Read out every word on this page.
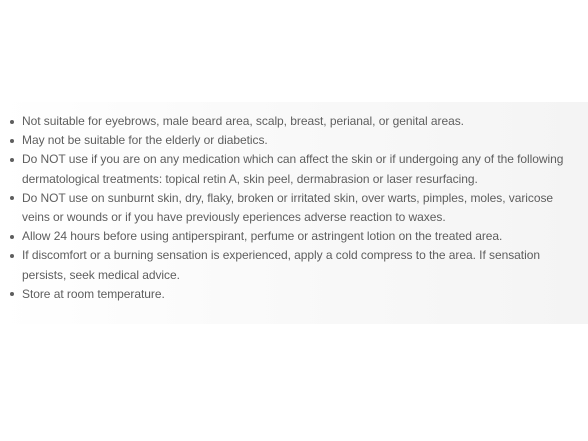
Not suitable for eyebrows, male beard area, scalp, breast, perianal, or genital areas.
May not be suitable for the elderly or diabetics.
Do NOT use if you are on any medication which can affect the skin or if undergoing any of the following dermatological treatments: topical retin A, skin peel, dermabrasion or laser resurfacing.
Do NOT use on sunburnt skin, dry, flaky, broken or irritated skin, over warts, pimples, moles, varicose veins or wounds or if you have previously eperiences adverse reaction to waxes.
Allow 24 hours before using antiperspirant, perfume or astringent lotion on the treated area.
If discomfort or a burning sensation is experienced, apply a cold compress to the area. If sensation persists, seek medical advice.
Store at room temperature.
